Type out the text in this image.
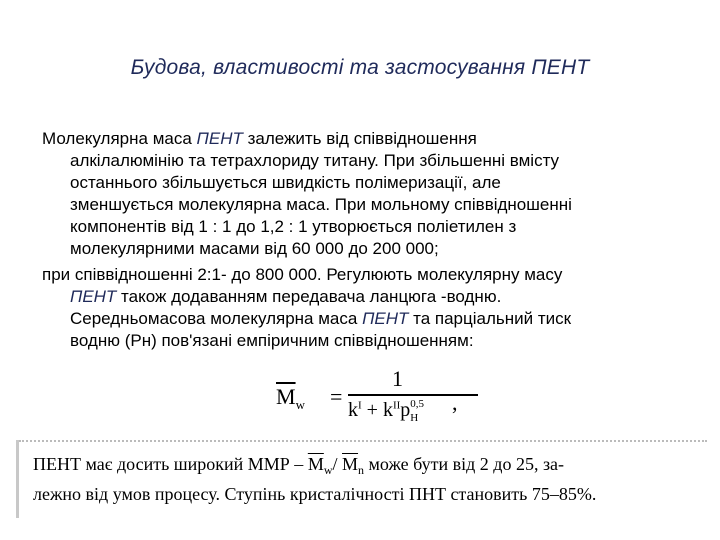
Будова, властивості та застосування ПЕНТ
Молекулярна маса ПЕНТ залежить від співвідношення
алкілалюмінію та тетрахлориду титану. При збільшенні вмісту
останнього збільшується швидкість полімеризації, але
зменшується молекулярна маса. При мольному співвідношенні
компонентів від 1 : 1 до 1,2 : 1 утворюється поліетилен з
молекулярними масами від 60 000 до 200 000;
при співвідношенні 2:1- до 800 000. Регулюють молекулярну масу
ПЕНТ також додаванням передавача ланцюга -водню.
Середньомасова молекулярна маса ПЕНТ та парціальний тиск
водню (Рн) пов'язані емпіричним співвідношенням:
$\overline{M}_w$ =
1
$k^I + k^{II}p_H^{0,5}$ ,
ПЕНТ має досить широкий ММР – $\overline{M}_w/$ $\overline{M}_n$ може бути від 2 до 25, за-
лежно від умов процесу. Ступінь кристалічності ПНТ становить 75–85%.
